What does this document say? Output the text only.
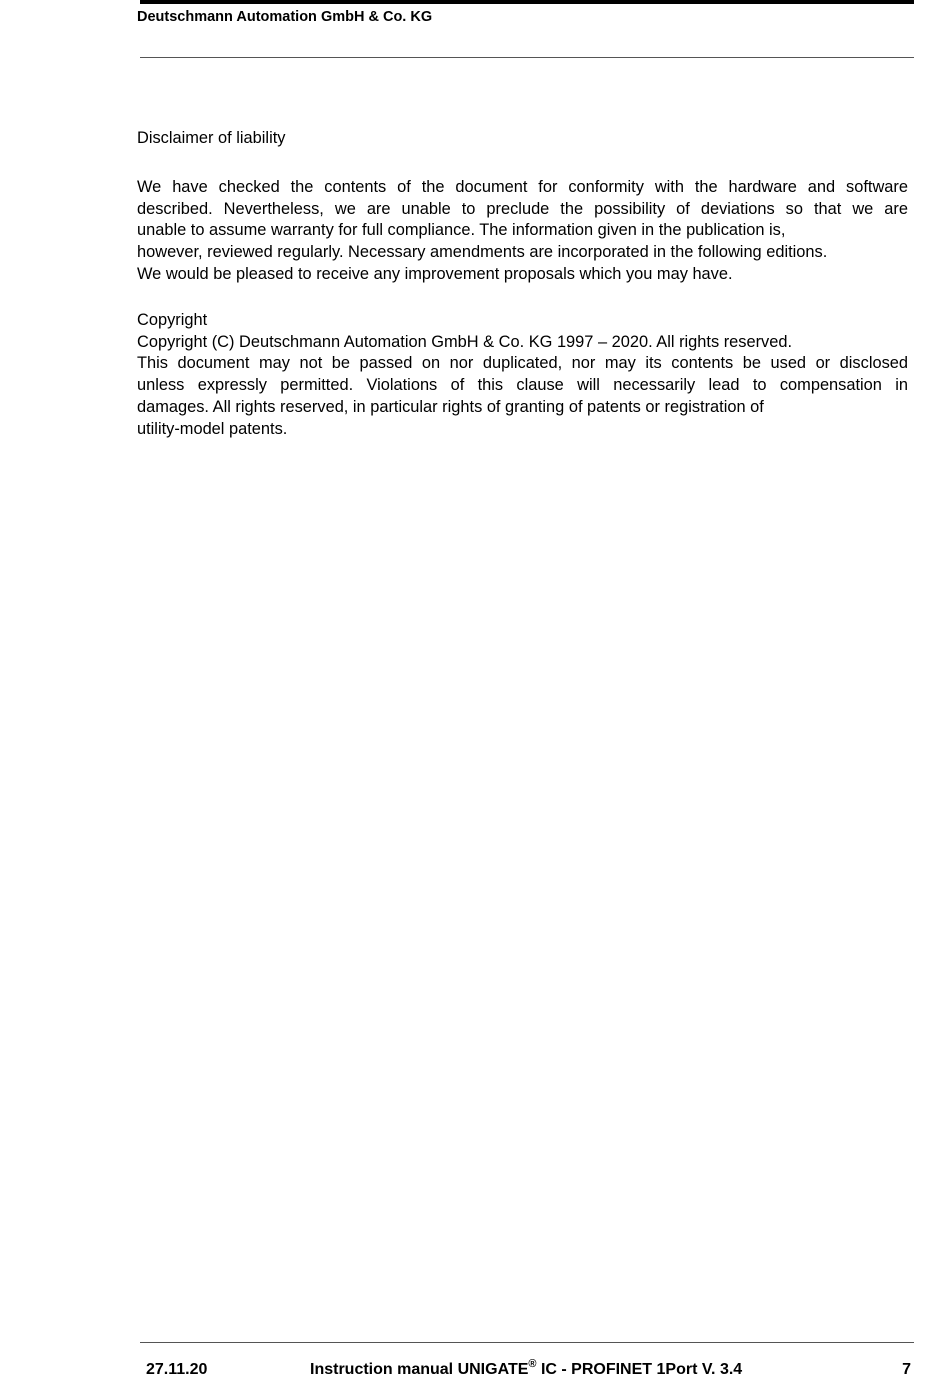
Deutschmann Automation GmbH & Co. KG

Disclaimer of liability

We have checked the contents of the document for conformity with the hardware and software
described. Nevertheless, we are unable to preclude the possibility of deviations so that we are
unable to assume warranty for full compliance. The information given in the publication is,
however, reviewed regularly. Necessary amendments are incorporated in the following editions.
We would be pleased to receive any improvement proposals which you may have.

Copyright

Copyright (C) Deutschmann Automation GmbH & Co. KG 1997 – 2020. All rights reserved.
This document may not be passed on nor duplicated, nor may its contents be used or disclosed
unless expressly permitted. Violations of this clause will necessarily lead to compensation in
damages. All rights reserved, in particular rights of granting of patents or registration of
utility-model patents.

27.11.20	Instruction manual UNIGATE® IC - PROFINET 1Port V. 3.4	7
